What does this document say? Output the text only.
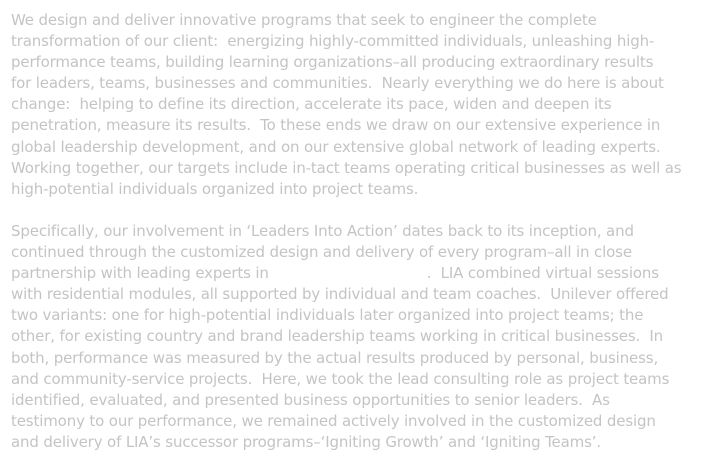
We design and deliver innovative programs that seek to engineer the complete
transformation of our client:  energizing highly-committed individuals, unleashing high-
performance teams, building learning organizations–all producing extraordinary results
for leaders, teams, businesses and communities.  Nearly everything we do here is about
change:  helping to define its direction, accelerate its pace, widen and deepen its
penetration, measure its results.  To these ends we draw on our extensive experience in
global leadership development, and on our extensive global network of leading experts.
Working together, our targets include in-tact teams operating critical businesses as well as
high-potential individuals organized into project teams.
Specifically, our involvement in ‘Leaders Into Action’ dates back to its inception, and
continued through the customized design and delivery of every program–all in close
partnership with leading experts in	.  LIA combined virtual sessions
with residential modules, all supported by individual and team coaches.  Unilever offered
two variants: one for high-potential individuals later organized into project teams; the
other, for existing country and brand leadership teams working in critical businesses.  In
both, performance was measured by the actual results produced by personal, business,
and community-service projects.  Here, we took the lead consulting role as project teams
identified, evaluated, and presented business opportunities to senior leaders.  As
testimony to our performance, we remained actively involved in the customized design
and delivery of LIA’s successor programs–‘Igniting Growth’ and ‘Igniting Teams’.
